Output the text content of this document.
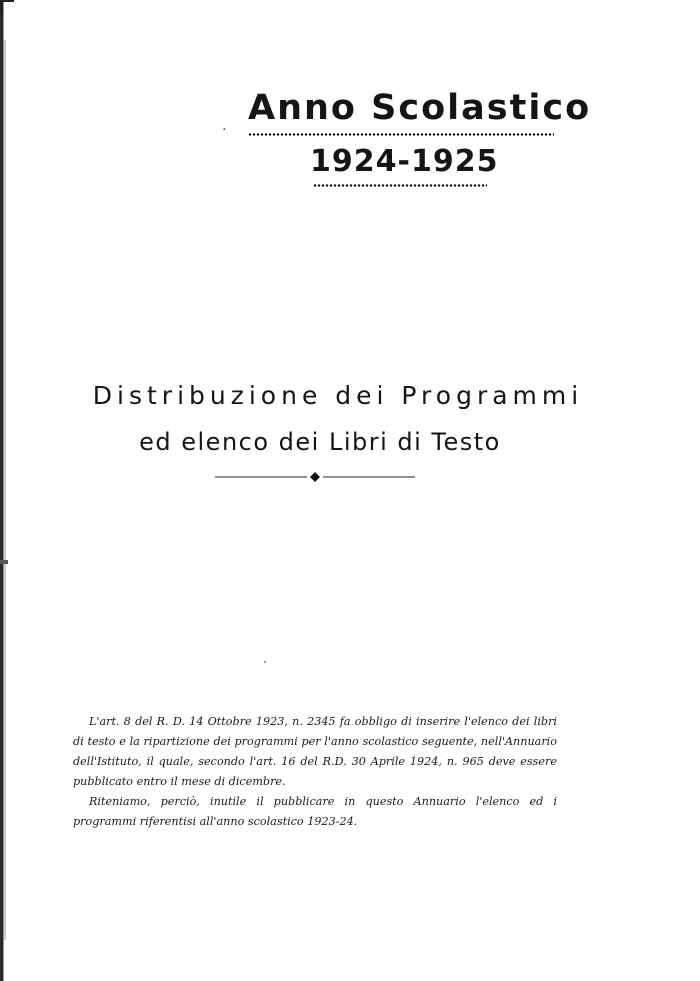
. Anno Scolastico
1924-1925
Distribuzione dei Programmi
ed elenco dei Libri di Testo

L'art. 8 del R. D. 14 Ottobre 1923, n. 2345 fa obbligo di inserire l'elenco dei libri di testo e la ripartizione dei programmi per l'anno scolastico seguente, nell'Annuario dell'Istituto, il quale, secondo l'art. 16 del R.D. 30 Aprile 1924, n. 965 deve essere pubblicato entro il mese di dicembre.

Riteniamo, perciò, inutile il pubblicare in questo Annuario l'elenco ed i programmi riferentisi all'anno scolastico 1923-24.
